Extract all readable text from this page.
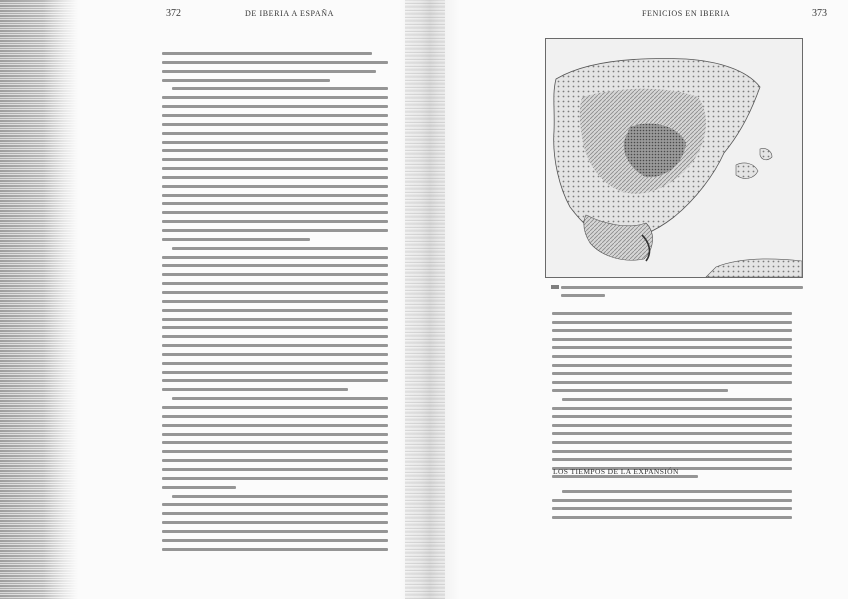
372	DE IBERIA A ESPAÑA	FENICIOS EN IBERIA	373
LOS TIEMPOS DE LA EXPANSIÓN
